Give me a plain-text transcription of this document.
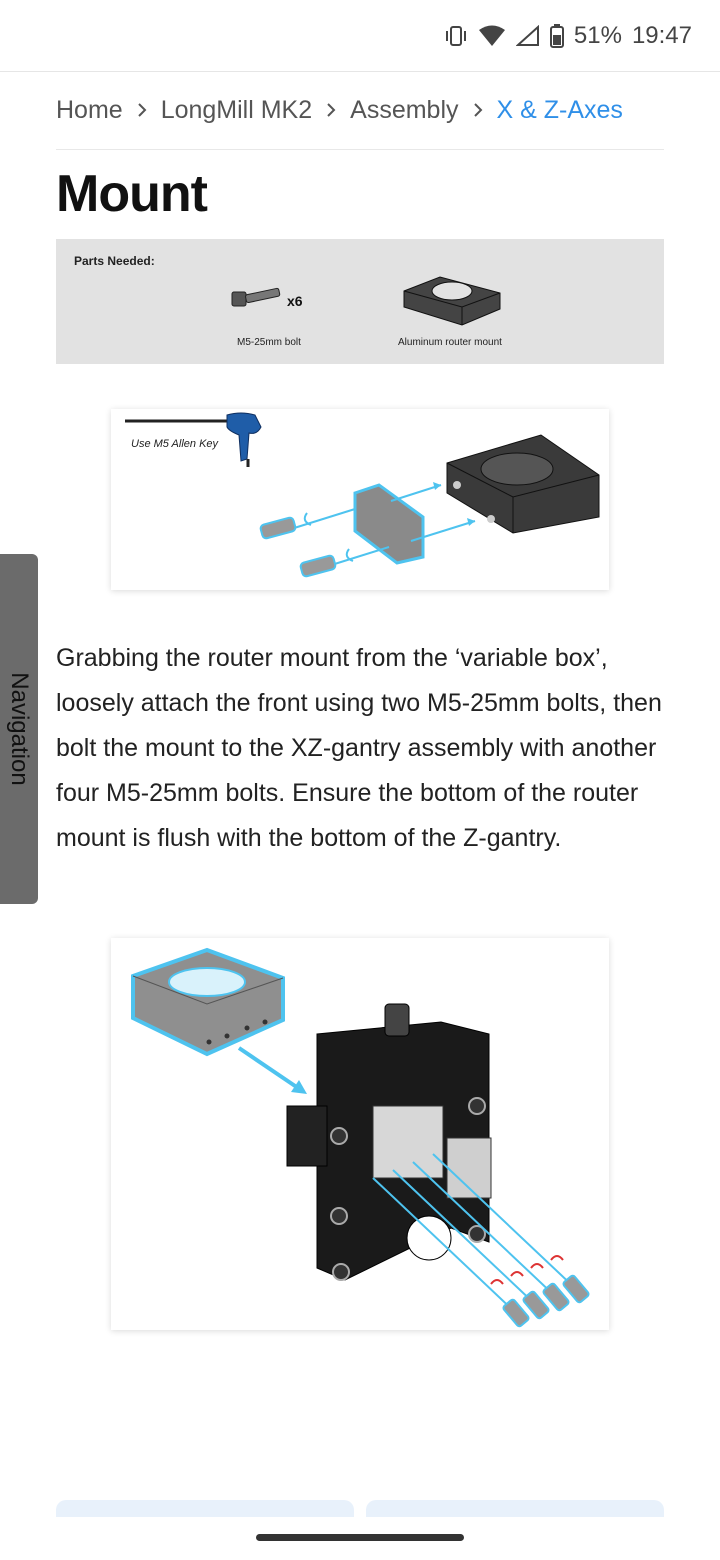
51% 19:47
Home LongMill MK2 Assembly X & Z-Axes
Mount
Parts Needed:
x6
M5-25mm bolt	Aluminum router mount
Use M5 Allen Key

Grabbing the router mount from the ‘variable box’, loosely attach the front using two M5-25mm bolts, then bolt the mount to the XZ-gantry assembly with another four M5-25mm bolts. Ensure the bottom of the router mount is flush with the bottom of the Z-gantry.

Navigation
